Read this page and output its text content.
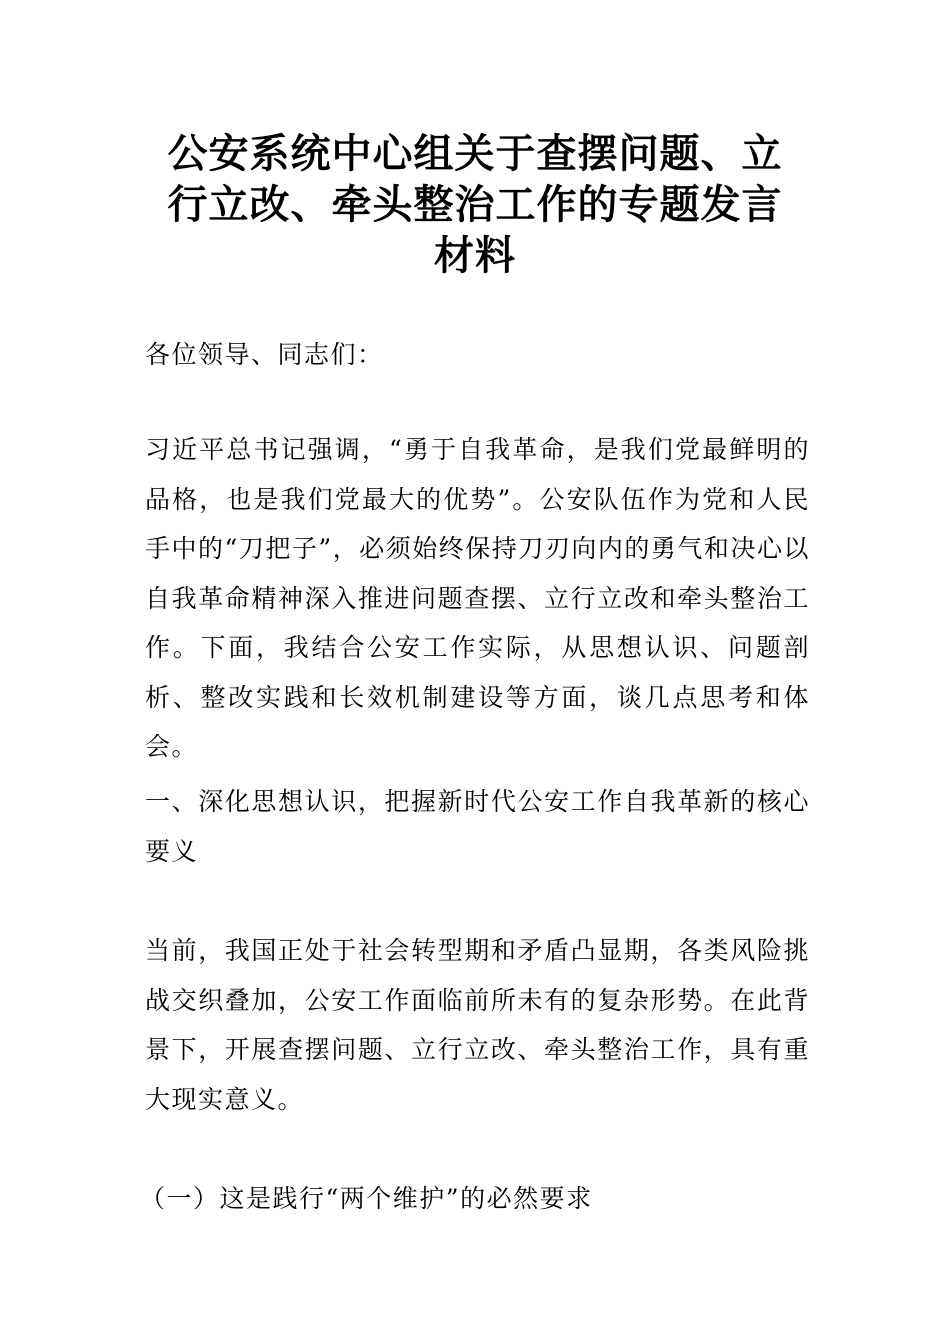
公安系统中心组关于查摆问题、立行立改、牵头整治工作的专题发言材料

各位领导、同志们：

习近平总书记强调，“勇于自我革命，是我们党最鲜明的品格，也是我们党最大的优势”。公安队伍作为党和人民手中的“刀把子”，必须始终保持刀刃向内的勇气和决心以自我革命精神深入推进问题查摆、立行立改和牵头整治工作。下面，我结合公安工作实际，从思想认识、问题剖析、整改实践和长效机制建设等方面，谈几点思考和体会。

一、深化思想认识，把握新时代公安工作自我革新的核心要义

当前，我国正处于社会转型期和矛盾凸显期，各类风险挑战交织叠加，公安工作面临前所未有的复杂形势。在此背景下，开展查摆问题、立行立改、牵头整治工作，具有重大现实意义。

（一）这是践行“两个维护”的必然要求
